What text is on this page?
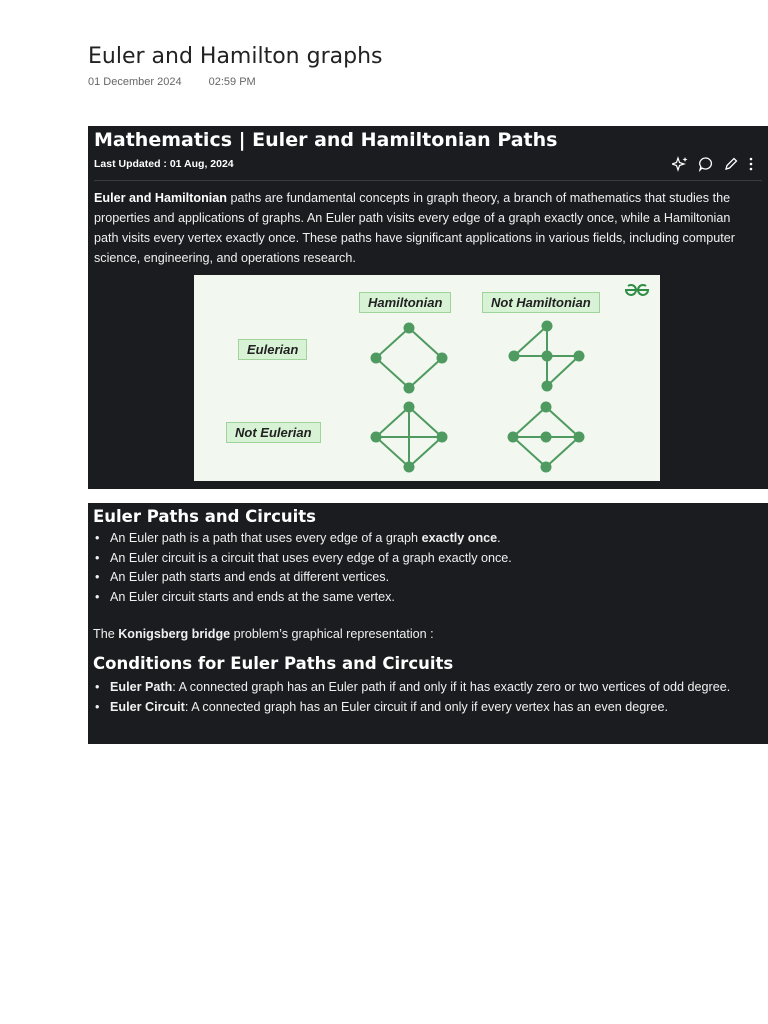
Euler and Hamilton graphs
01 December 2024 02:59 PM
Mathematics | Euler and Hamiltonian Paths
Last Updated : 01 Aug, 2024
Euler and Hamiltonian paths are fundamental concepts in graph theory, a branch of mathematics that studies the properties and applications of graphs. An Euler path visits every edge of a graph exactly once, while a Hamiltonian path visits every vertex exactly once. These paths have significant applications in various fields, including computer science, engineering, and operations research.
Hamiltonian	Not Hamiltonian
Eulerian
Not Eulerian
Euler Paths and Circuits
• An Euler path is a path that uses every edge of a graph exactly once.
• An Euler circuit is a circuit that uses every edge of a graph exactly once.
• An Euler path starts and ends at different vertices.
• An Euler circuit starts and ends at the same vertex.
The Konigsberg bridge problem’s graphical representation :
Conditions for Euler Paths and Circuits
• Euler Path: A connected graph has an Euler path if and only if it has exactly zero or two vertices of odd degree.
• Euler Circuit: A connected graph has an Euler circuit if and only if every vertex has an even degree.
